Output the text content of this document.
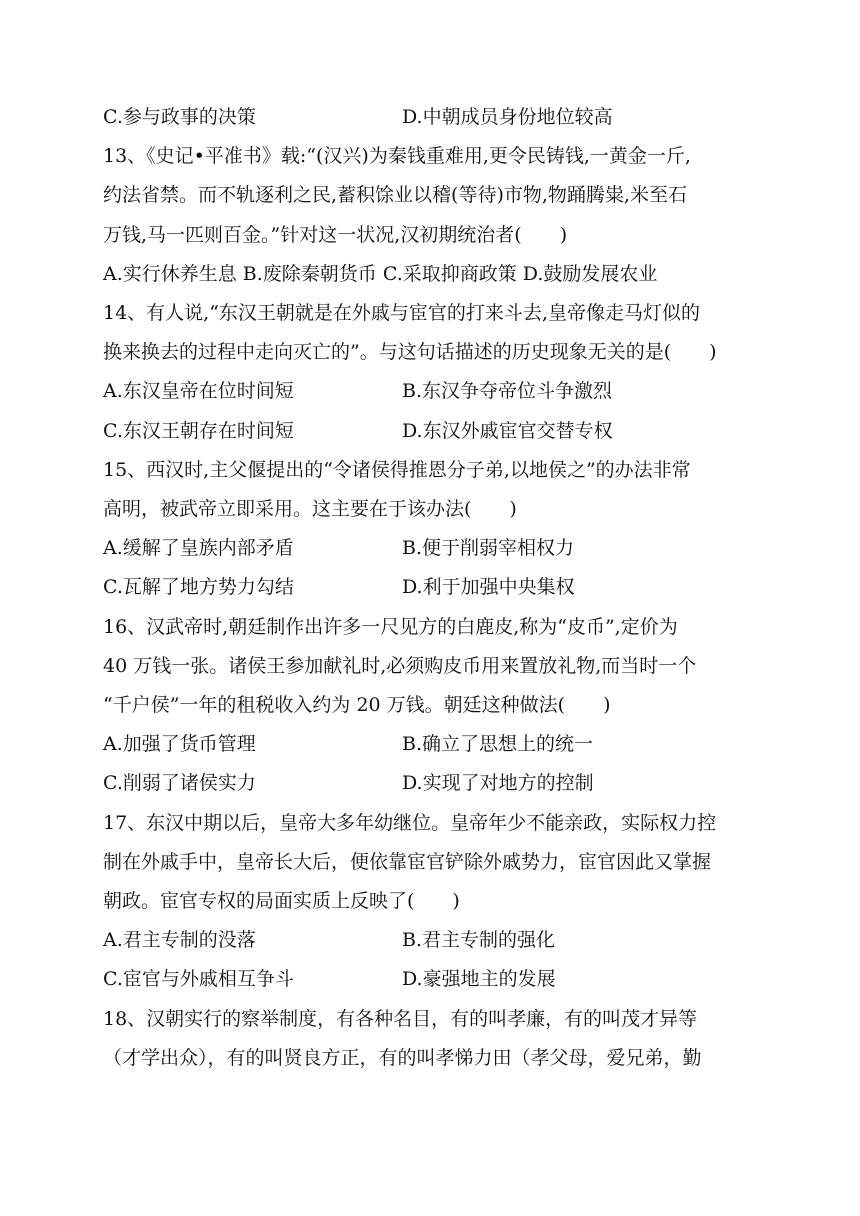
C.参与政事的决策	D.中朝成员身份地位较高
13、《史记•平准书》载:“(汉兴)为秦钱重难用,更令民铸钱,一黄金一斤,
约法省禁。而不轨逐利之民,蓄积馀业以稽(等待)市物,物踊腾粜,米至石
万钱,马一匹则百金。”针对这一状况,汉初期统治者(　　)
A.实行休养生息 B.废除秦朝货币 C.采取抑商政策 D.鼓励发展农业
14、有人说,“东汉王朝就是在外戚与宦官的打来斗去,皇帝像走马灯似的
换来换去的过程中走向灭亡的”。与这句话描述的历史现象无关的是(　　)
A.东汉皇帝在位时间短	B.东汉争夺帝位斗争激烈
C.东汉王朝存在时间短	D.东汉外戚宦官交替专权
15、西汉时,主父偃提出的“令诸侯得推恩分子弟,以地侯之”的办法非常
高明，被武帝立即采用。这主要在于该办法(　　)
A.缓解了皇族内部矛盾	B.便于削弱宰相权力
C.瓦解了地方势力勾结	D.利于加强中央集权
16、汉武帝时,朝廷制作出许多一尺见方的白鹿皮,称为“皮币”,定价为
40 万钱一张。诸侯王参加献礼时,必须购皮币用来置放礼物,而当时一个
“千户侯”一年的租税收入约为 20 万钱。朝廷这种做法(　　)
A.加强了货币管理	B.确立了思想上的统一
C.削弱了诸侯实力	D.实现了对地方的控制
17、东汉中期以后，皇帝大多年幼继位。皇帝年少不能亲政，实际权力控
制在外戚手中，皇帝长大后，便依靠宦官铲除外戚势力，宦官因此又掌握
朝政。宦官专权的局面实质上反映了(　　)
A.君主专制的没落	B.君主专制的强化
C.宦官与外戚相互争斗	D.豪强地主的发展
18、汉朝实行的察举制度，有各种名目，有的叫孝廉，有的叫茂才异等
（才学出众），有的叫贤良方正，有的叫孝悌力田（孝父母，爱兄弟，勤
